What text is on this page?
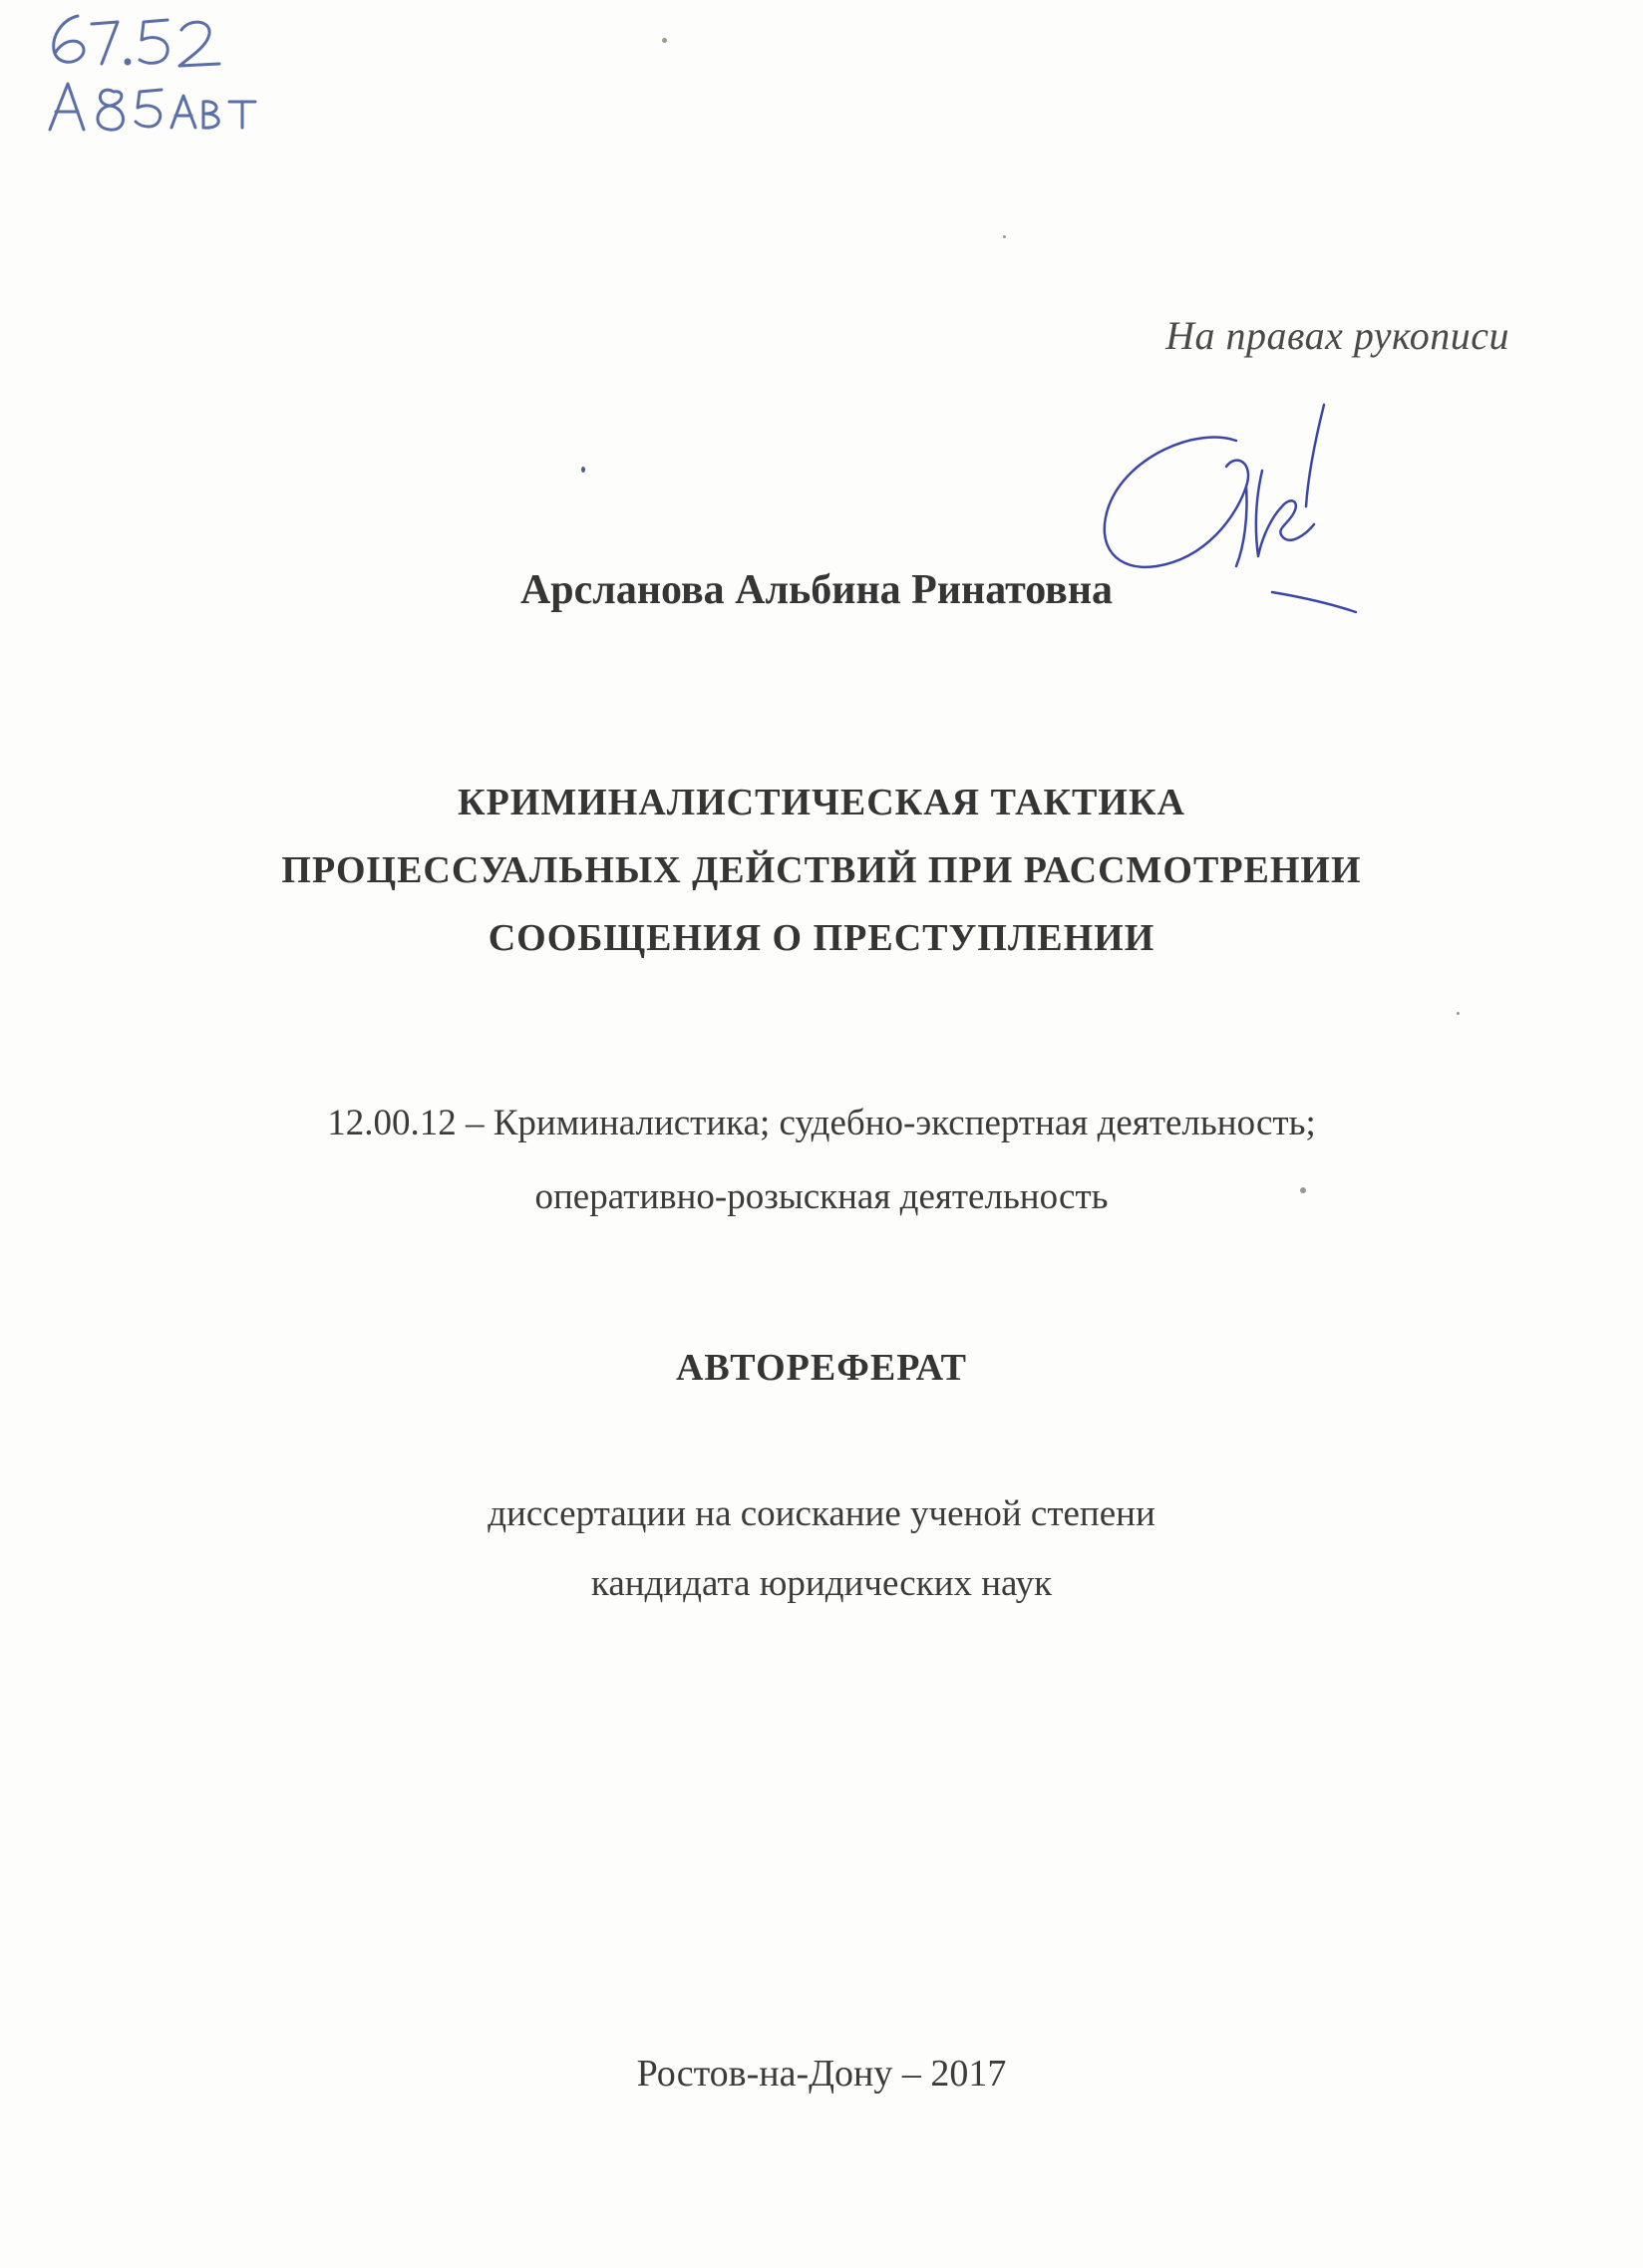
На правах рукописи
Арсланова Альбина Ринатовна
КРИМИНАЛИСТИЧЕСКАЯ ТАКТИКА
ПРОЦЕССУАЛЬНЫХ ДЕЙСТВИЙ ПРИ РАССМОТРЕНИИ
СООБЩЕНИЯ О ПРЕСТУПЛЕНИИ
12.00.12 – Криминалистика; судебно-экспертная деятельность;
оперативно-розыскная деятельность
АВТОРЕФЕРАТ
диссертации на соискание ученой степени
кандидата юридических наук
Ростов-на-Дону – 2017
